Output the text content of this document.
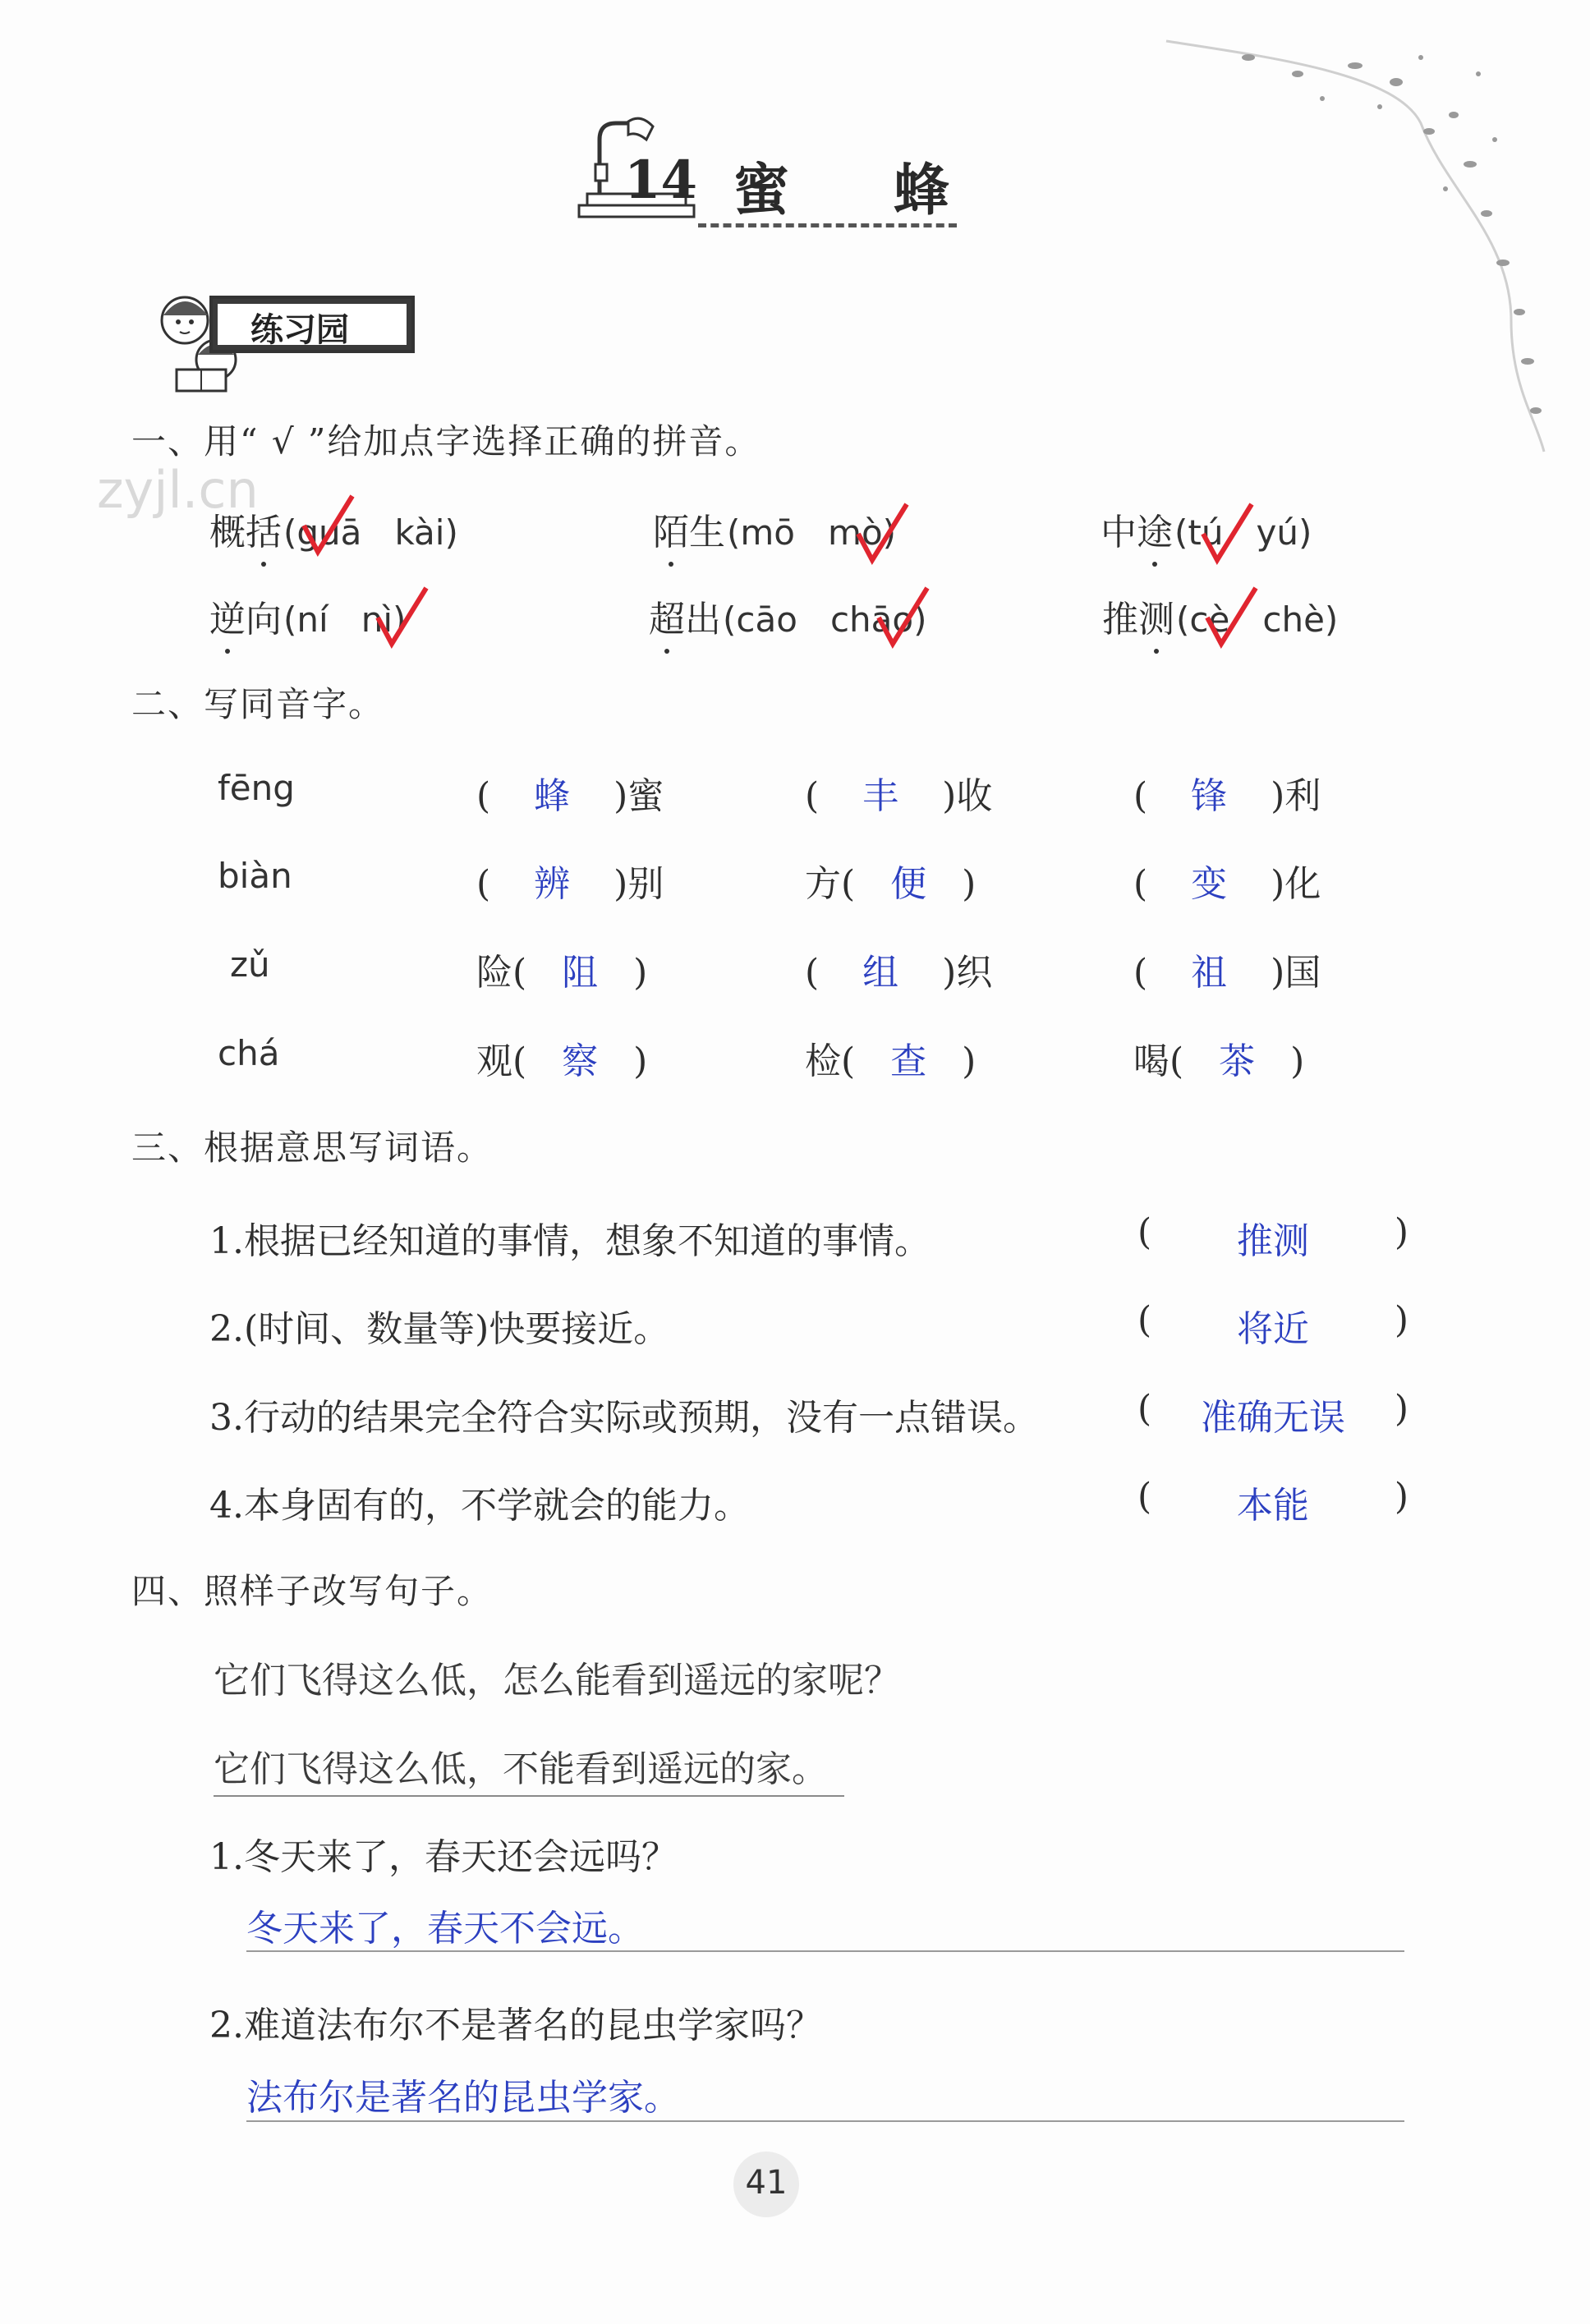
14 蜜 蜂
练习园
zyjl.cn
一、用“ √ ”给加点字选择正确的拼音。
概括(guā   kài)	陌生(mō   mò)	中途(tú   yú)
逆向(ní   nì)	超出(cāo   chāo)	推测(cè   chè)
二、写同音字。
fēng	( 蜂 )蜜	( 丰 )收	( 锋 )利
biàn	( 辨 )别	方( 便 )	( 变 )化
zǔ	险( 阻 )	( 组 )织	( 祖 )国
chá	观( 察 )	检( 查 )	喝( 茶 )
三、根据意思写词语。
1.根据已经知道的事情，想象不知道的事情。	(	推测	)
2.(时间、数量等)快要接近。	(	将近	)
3.行动的结果完全符合实际或预期，没有一点错误。	(	准确无误	)
4.本身固有的，不学就会的能力。	(	本能	)
四、照样子改写句子。
它们飞得这么低，怎么能看到遥远的家呢？
它们飞得这么低，不能看到遥远的家。
1.冬天来了，春天还会远吗？
冬天来了，春天不会远。
2.难道法布尔不是著名的昆虫学家吗？
法布尔是著名的昆虫学家。
41
